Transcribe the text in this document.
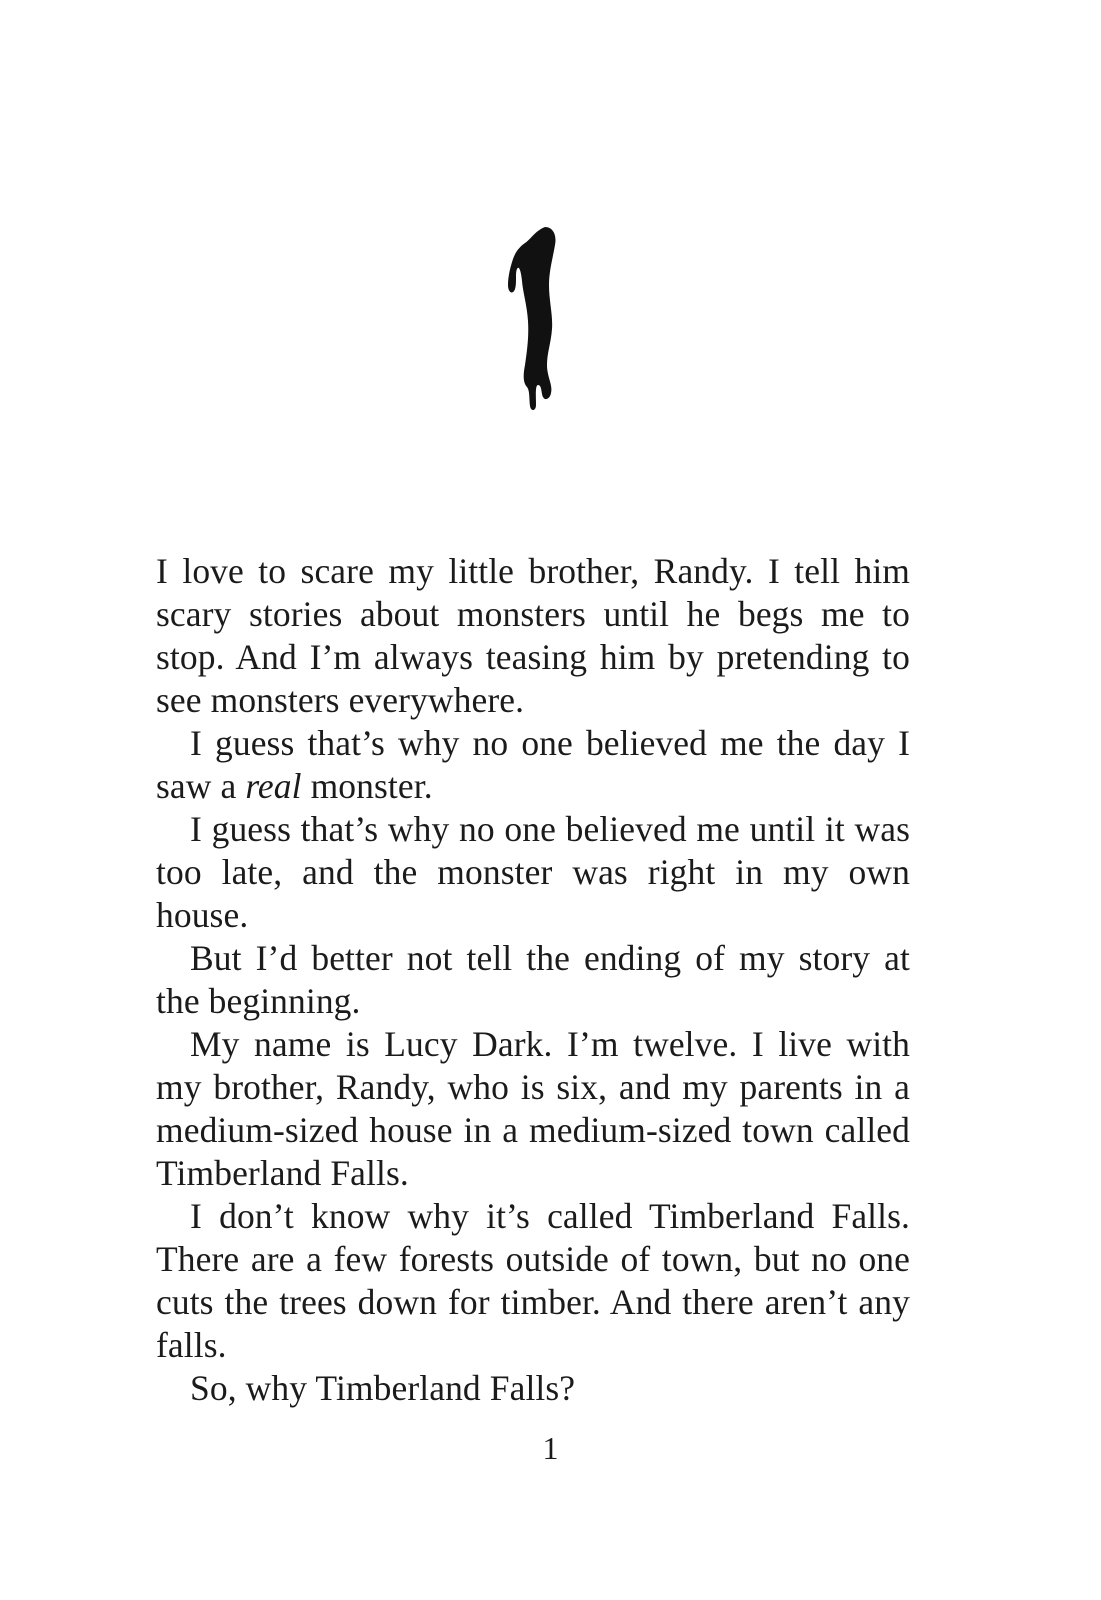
I love to scare my little brother, Randy. I tell him scary stories about monsters until he begs me to stop. And I’m always teasing him by pretending to see monsters everywhere.

I guess that’s why no one believed me the day I saw a real monster.

I guess that’s why no one believed me until it was too late, and the monster was right in my own house.

But I’d better not tell the ending of my story at the beginning.

My name is Lucy Dark. I’m twelve. I live with my brother, Randy, who is six, and my parents in a medium-sized house in a medium-sized town called Timberland Falls.

I don’t know why it’s called Timberland Falls. There are a few forests outside of town, but no one cuts the trees down for timber. And there aren’t any falls.

So, why Timberland Falls?

1
